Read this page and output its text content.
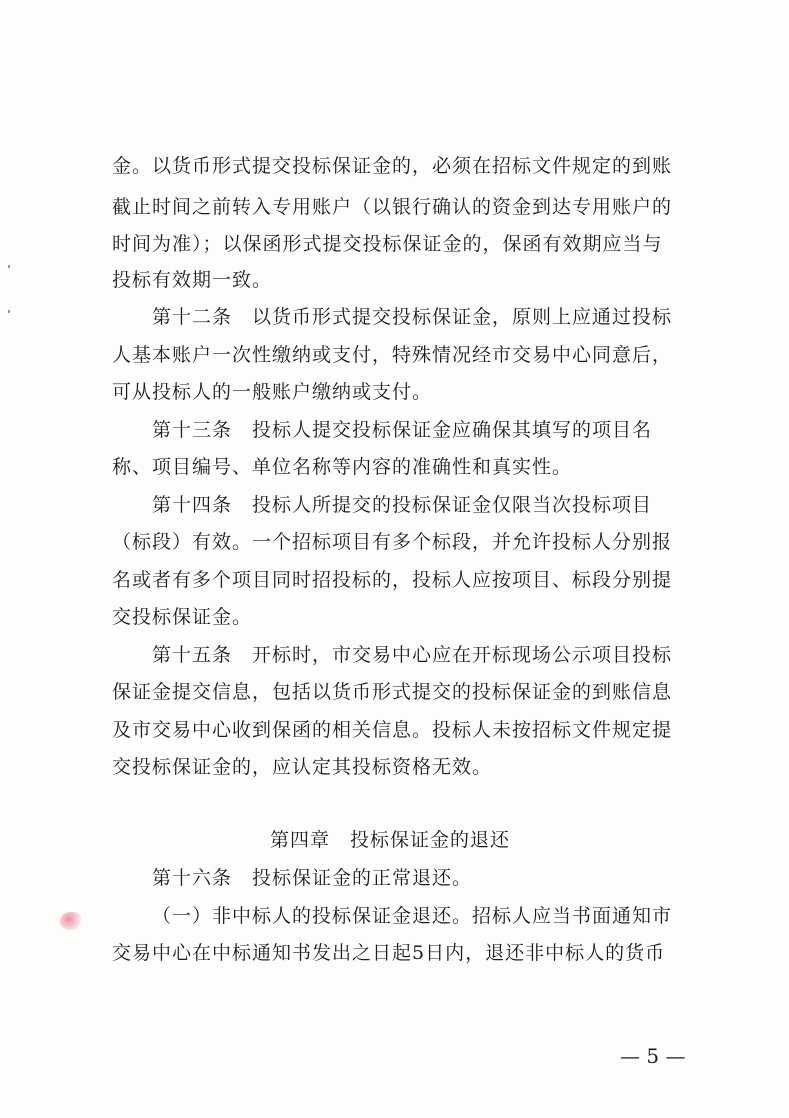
金。以货币形式提交投标保证金的，必须在招标文件规定的到账
截止时间之前转入专用账户（以银行确认的资金到达专用账户的
时间为准）；以保函形式提交投标保证金的，保函有效期应当与
投标有效期一致。
第十二条　以货币形式提交投标保证金，原则上应通过投标
人基本账户一次性缴纳或支付，特殊情况经市交易中心同意后，
可从投标人的一般账户缴纳或支付。
第十三条　投标人提交投标保证金应确保其填写的项目名
称、项目编号、单位名称等内容的准确性和真实性。
第十四条　投标人所提交的投标保证金仅限当次投标项目
（标段）有效。一个招标项目有多个标段，并允许投标人分别报
名或者有多个项目同时招投标的，投标人应按项目、标段分别提
交投标保证金。
第十五条　开标时，市交易中心应在开标现场公示项目投标
保证金提交信息，包括以货币形式提交的投标保证金的到账信息
及市交易中心收到保函的相关信息。投标人未按招标文件规定提
交投标保证金的，应认定其投标资格无效。
第四章　投标保证金的退还
第十六条　投标保证金的正常退还。
（一）非中标人的投标保证金退还。招标人应当书面通知市
交易中心在中标通知书发出之日起5日内，退还非中标人的货币
— 5 —
